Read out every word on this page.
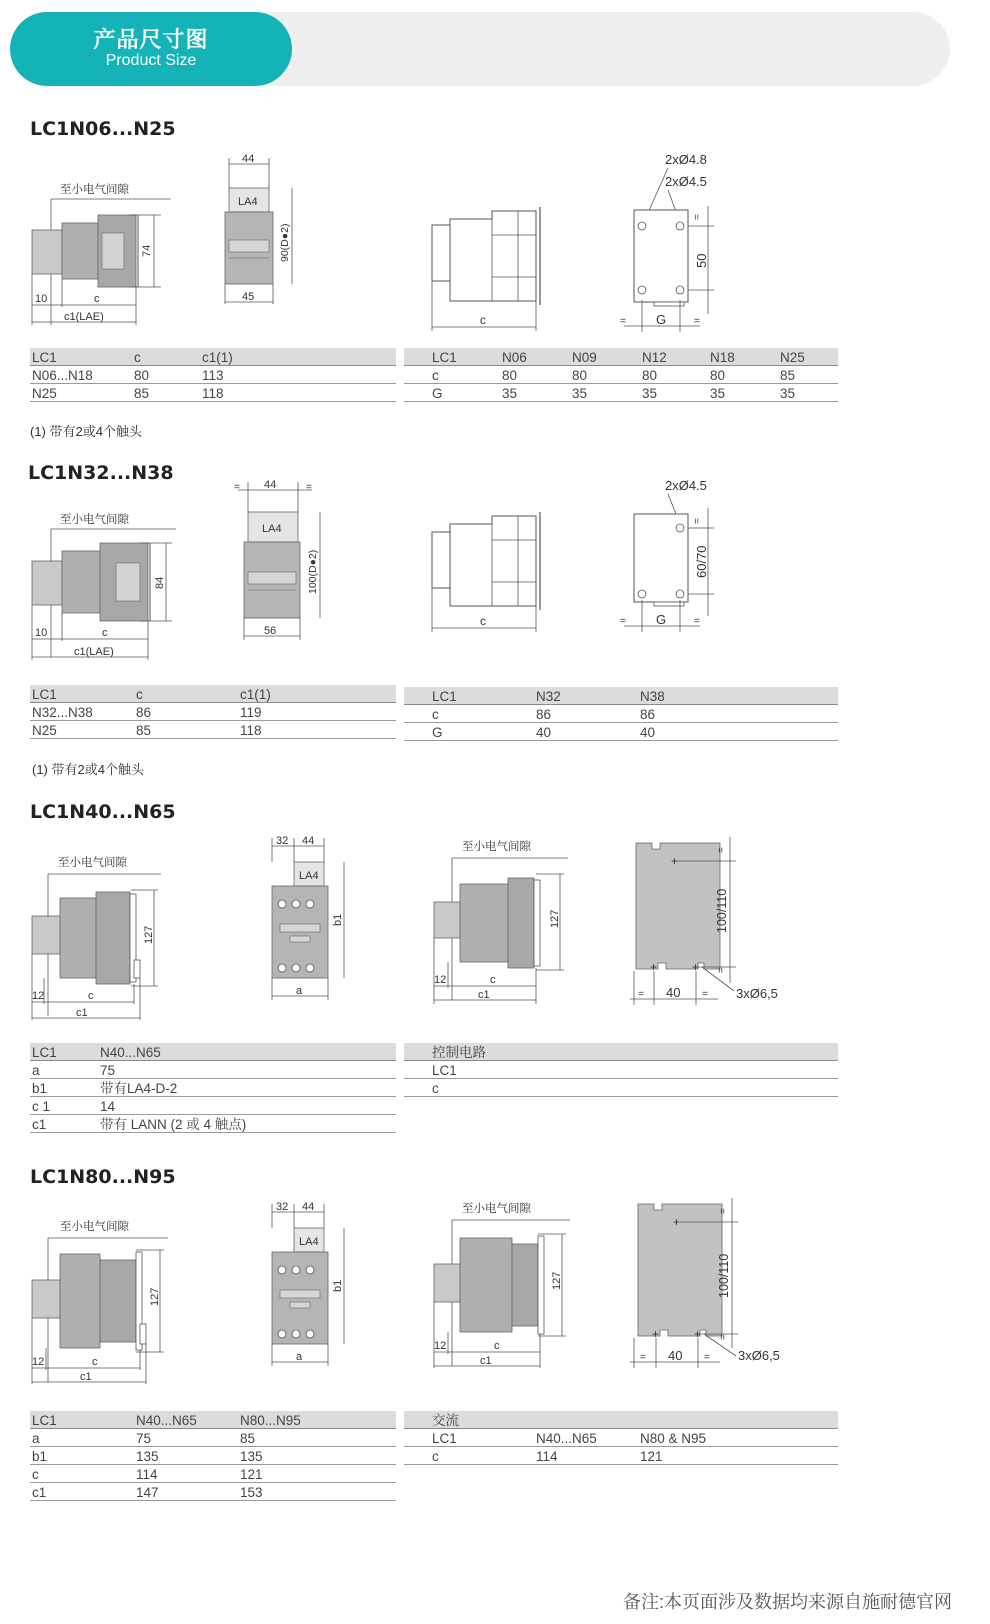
产品尺寸图
Product Size
LC1N06...N25
至小电气间隙
74
10	c
c1(LAE)
44
LA4
45
90(D●2)
c
2xØ4.8
2xØ4.5
50
=
G
=	=
LC1	c	c1(1)
N06...N18	80	113
N25	85	118
LC1	N06	N09	N12	N18	N25
c	80	80	80	80	85
G	35	35	35	35	35
(1) 带有2或4个触头
LC1N32...N38
至小电气间隙
84
10	c
c1(LAE)
=	=
44
LA4
56
100(D●2)
c
2xØ4.5
60/70
=
G
=	=
LC1	c	c1(1)
N32...N38	86	119
N25	85	118
LC1	N32	N38
c	86	86
G	40	40
(1) 带有2或4个触头
LC1N40...N65
至小电气间隙
127
12	c
c1
32 44
LA4
a
b1
至小电气间隙
127
12	c
c1
+
+	+
100/110
=
=
40
=	= 3xØ6,5
LC1	N40...N65
a	75
b1	带有LA4-D-2
c 1	14
c1	带有 LANN (2 或 4 触点)
控制电路
LC1
c
LC1N80...N95
至小电气间隙
127
12	c
c1
32 44
LA4
a
b1
至小电气间隙
127
12	c
c1
+
+	+
100/110
=
=
40
=	= 3xØ6,5
LC1	N40...N65	N80...N95
a	75	85
b1	135	135
c	114	121
c1	147	153
交流
LC1	N40...N65	N80 & N95
c	114	121
备注:本页面涉及数据均来源自施耐德官网
